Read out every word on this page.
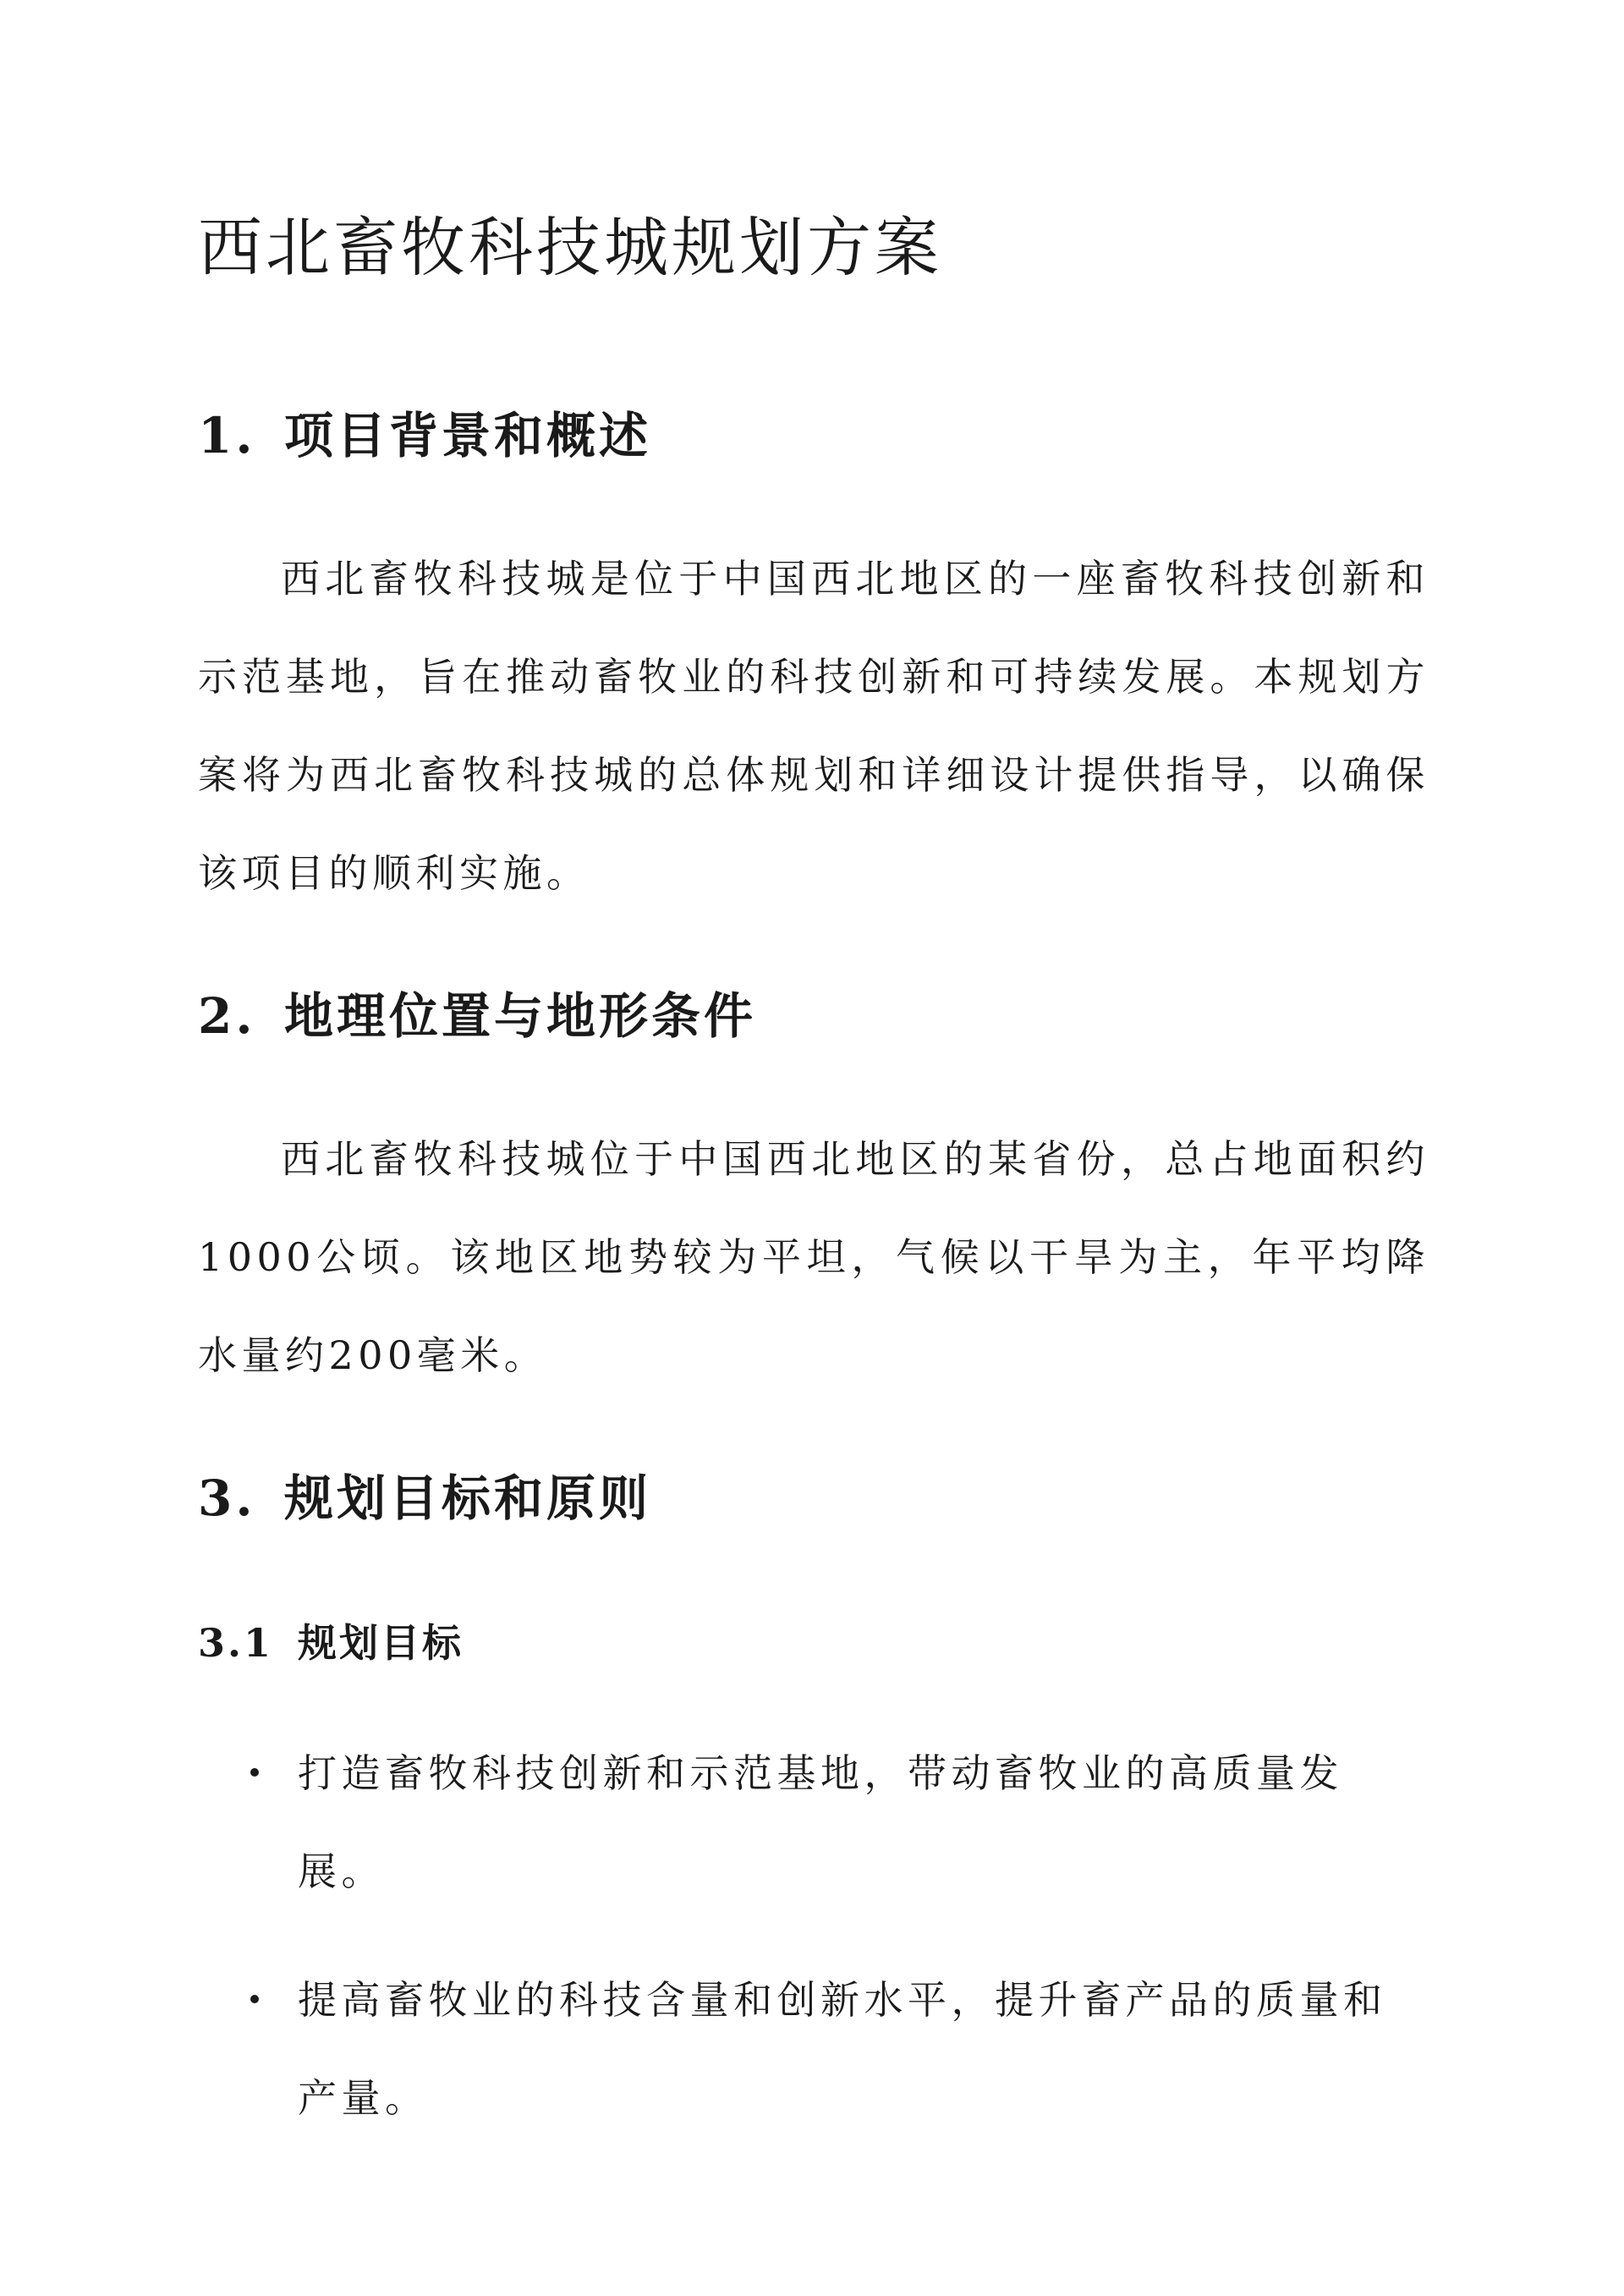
西北畜牧科技城规划方案
1. 项目背景和概述

西北畜牧科技城是位于中国西北地区的一座畜牧科技创新和示范基地，旨在推动畜牧业的科技创新和可持续发展。本规划方案将为西北畜牧科技城的总体规划和详细设计提供指导，以确保该项目的顺利实施。

2. 地理位置与地形条件

西北畜牧科技城位于中国西北地区的某省份，总占地面积约1000公顷。该地区地势较为平坦，气候以干旱为主，年平均降水量约200毫米。

3. 规划目标和原则
3.1 规划目标
打造畜牧科技创新和示范基地，带动畜牧业的高质量发展。
提高畜牧业的科技含量和创新水平，提升畜产品的质量和产量。
